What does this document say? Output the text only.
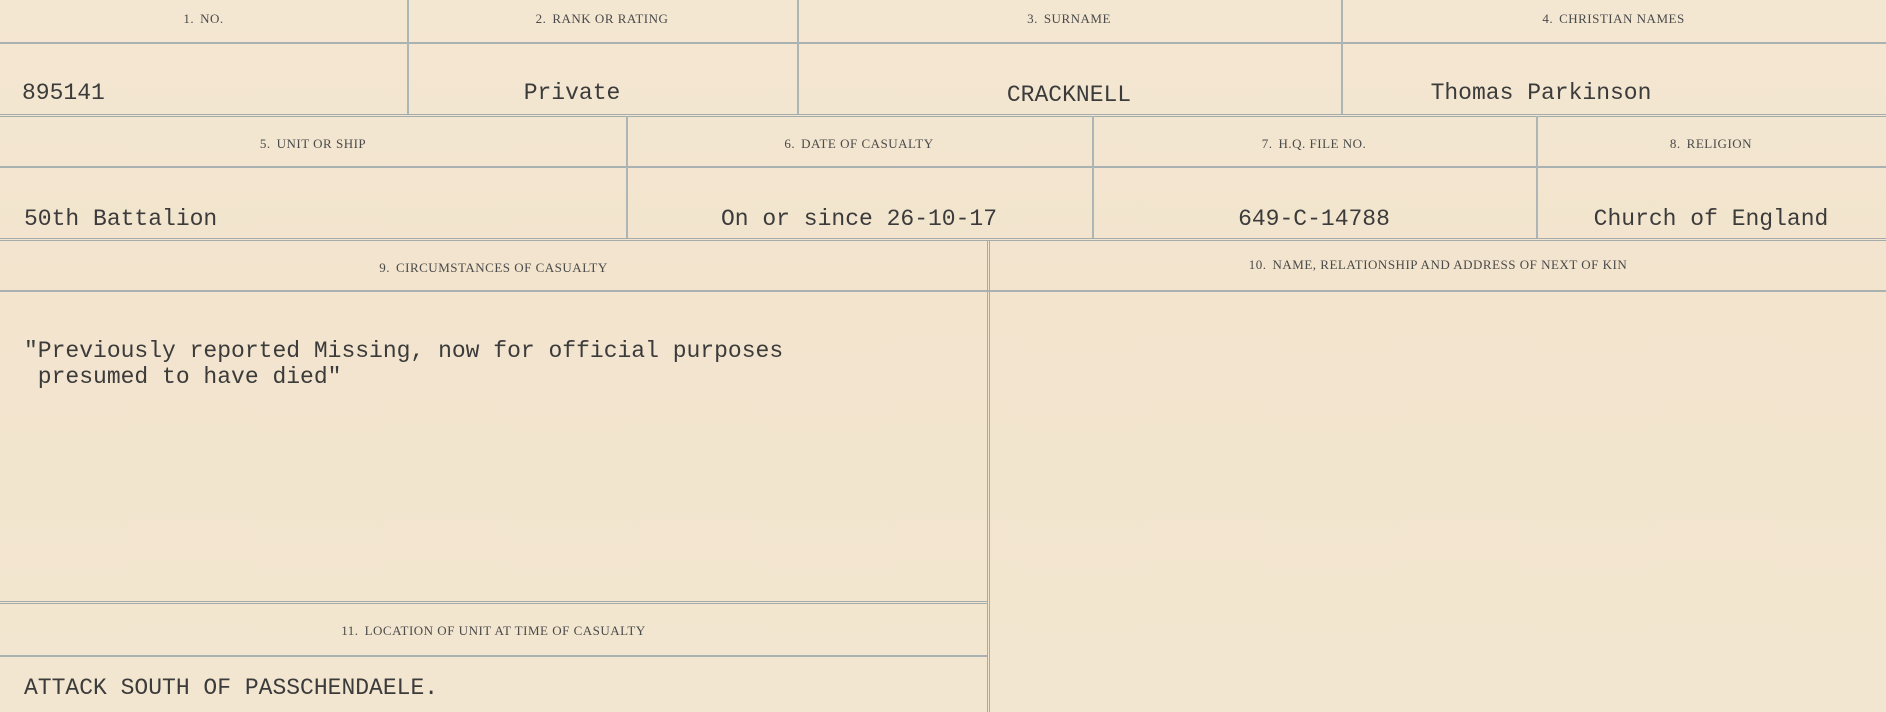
1. NO.
895141
2. RANK OR RATING
Private
3. SURNAME
CRACKNELL
4. CHRISTIAN NAMES
Thomas Parkinson
5. UNIT OR SHIP
50th Battalion
6. DATE OF CASUALTY
On or since 26-10-17
7. H.Q. FILE NO.
649-C-14788
8. RELIGION
Church of England
9. CIRCUMSTANCES OF CASUALTY
"Previously reported Missing, now for official purposes
presumed to have died"
10. NAME, RELATIONSHIP AND ADDRESS OF NEXT OF KIN
11. LOCATION OF UNIT AT TIME OF CASUALTY
ATTACK SOUTH OF PASSCHENDAELE.
